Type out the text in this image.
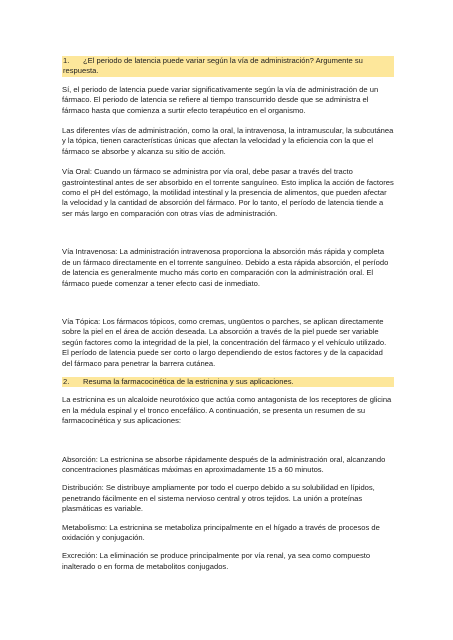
1. ¿El periodo de latencia puede variar según la vía de administración? Argumente su respuesta.

Sí, el periodo de latencia puede variar significativamente según la vía de administración de un fármaco. El periodo de latencia se refiere al tiempo transcurrido desde que se administra el fármaco hasta que comienza a surtir efecto terapéutico en el organismo.

Las diferentes vías de administración, como la oral, la intravenosa, la intramuscular, la subcutánea y la tópica, tienen características únicas que afectan la velocidad y la eficiencia con la que el fármaco se absorbe y alcanza su sitio de acción.

Vía Oral: Cuando un fármaco se administra por vía oral, debe pasar a través del tracto gastrointestinal antes de ser absorbido en el torrente sanguíneo. Esto implica la acción de factores como el pH del estómago, la motilidad intestinal y la presencia de alimentos, que pueden afectar la velocidad y la cantidad de absorción del fármaco. Por lo tanto, el período de latencia tiende a ser más largo en comparación con otras vías de administración.

Vía Intravenosa: La administración intravenosa proporciona la absorción más rápida y completa de un fármaco directamente en el torrente sanguíneo. Debido a esta rápida absorción, el período de latencia es generalmente mucho más corto en comparación con la administración oral. El fármaco puede comenzar a tener efecto casi de inmediato.

Vía Tópica: Los fármacos tópicos, como cremas, ungüentos o parches, se aplican directamente sobre la piel en el área de acción deseada. La absorción a través de la piel puede ser variable según factores como la integridad de la piel, la concentración del fármaco y el vehículo utilizado. El período de latencia puede ser corto o largo dependiendo de estos factores y de la capacidad del fármaco para penetrar la barrera cutánea.

2. Resuma la farmacocinética de la estricnina y sus aplicaciones.

La estricnina es un alcaloide neurotóxico que actúa como antagonista de los receptores de glicina en la médula espinal y el tronco encefálico. A continuación, se presenta un resumen de su farmacocinética y sus aplicaciones:

Absorción: La estricnina se absorbe rápidamente después de la administración oral, alcanzando concentraciones plasmáticas máximas en aproximadamente 15 a 60 minutos.

Distribución: Se distribuye ampliamente por todo el cuerpo debido a su solubilidad en lípidos, penetrando fácilmente en el sistema nervioso central y otros tejidos. La unión a proteínas plasmáticas es variable.

Metabolismo: La estricnina se metaboliza principalmente en el hígado a través de procesos de oxidación y conjugación.

Excreción: La eliminación se produce principalmente por vía renal, ya sea como compuesto inalterado o en forma de metabolitos conjugados.
